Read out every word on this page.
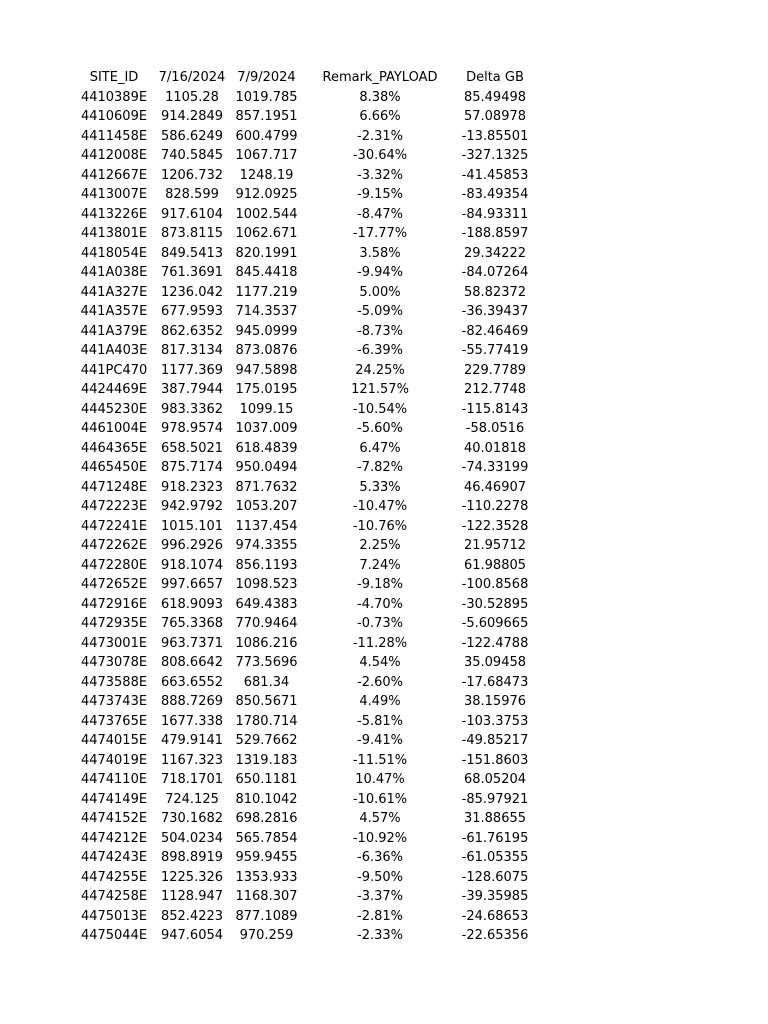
SITE_ID	7/16/2024	7/9/2024	Remark_PAYLOAD	Delta GB
4410389E	1105.28	1019.785	8.38%	85.49498
4410609E	914.2849	857.1951	6.66%	57.08978
4411458E	586.6249	600.4799	-2.31%	-13.85501
4412008E	740.5845	1067.717	-30.64%	-327.1325
4412667E	1206.732	1248.19	-3.32%	-41.45853
4413007E	828.599	912.0925	-9.15%	-83.49354
4413226E	917.6104	1002.544	-8.47%	-84.93311
4413801E	873.8115	1062.671	-17.77%	-188.8597
4418054E	849.5413	820.1991	3.58%	29.34222
441A038E	761.3691	845.4418	-9.94%	-84.07264
441A327E	1236.042	1177.219	5.00%	58.82372
441A357E	677.9593	714.3537	-5.09%	-36.39437
441A379E	862.6352	945.0999	-8.73%	-82.46469
441A403E	817.3134	873.0876	-6.39%	-55.77419
441PC470	1177.369	947.5898	24.25%	229.7789
4424469E	387.7944	175.0195	121.57%	212.7748
4445230E	983.3362	1099.15	-10.54%	-115.8143
4461004E	978.9574	1037.009	-5.60%	-58.0516
4464365E	658.5021	618.4839	6.47%	40.01818
4465450E	875.7174	950.0494	-7.82%	-74.33199
4471248E	918.2323	871.7632	5.33%	46.46907
4472223E	942.9792	1053.207	-10.47%	-110.2278
4472241E	1015.101	1137.454	-10.76%	-122.3528
4472262E	996.2926	974.3355	2.25%	21.95712
4472280E	918.1074	856.1193	7.24%	61.98805
4472652E	997.6657	1098.523	-9.18%	-100.8568
4472916E	618.9093	649.4383	-4.70%	-30.52895
4472935E	765.3368	770.9464	-0.73%	-5.609665
4473001E	963.7371	1086.216	-11.28%	-122.4788
4473078E	808.6642	773.5696	4.54%	35.09458
4473588E	663.6552	681.34	-2.60%	-17.68473
4473743E	888.7269	850.5671	4.49%	38.15976
4473765E	1677.338	1780.714	-5.81%	-103.3753
4474015E	479.9141	529.7662	-9.41%	-49.85217
4474019E	1167.323	1319.183	-11.51%	-151.8603
4474110E	718.1701	650.1181	10.47%	68.05204
4474149E	724.125	810.1042	-10.61%	-85.97921
4474152E	730.1682	698.2816	4.57%	31.88655
4474212E	504.0234	565.7854	-10.92%	-61.76195
4474243E	898.8919	959.9455	-6.36%	-61.05355
4474255E	1225.326	1353.933	-9.50%	-128.6075
4474258E	1128.947	1168.307	-3.37%	-39.35985
4475013E	852.4223	877.1089	-2.81%	-24.68653
4475044E	947.6054	970.259	-2.33%	-22.65356
